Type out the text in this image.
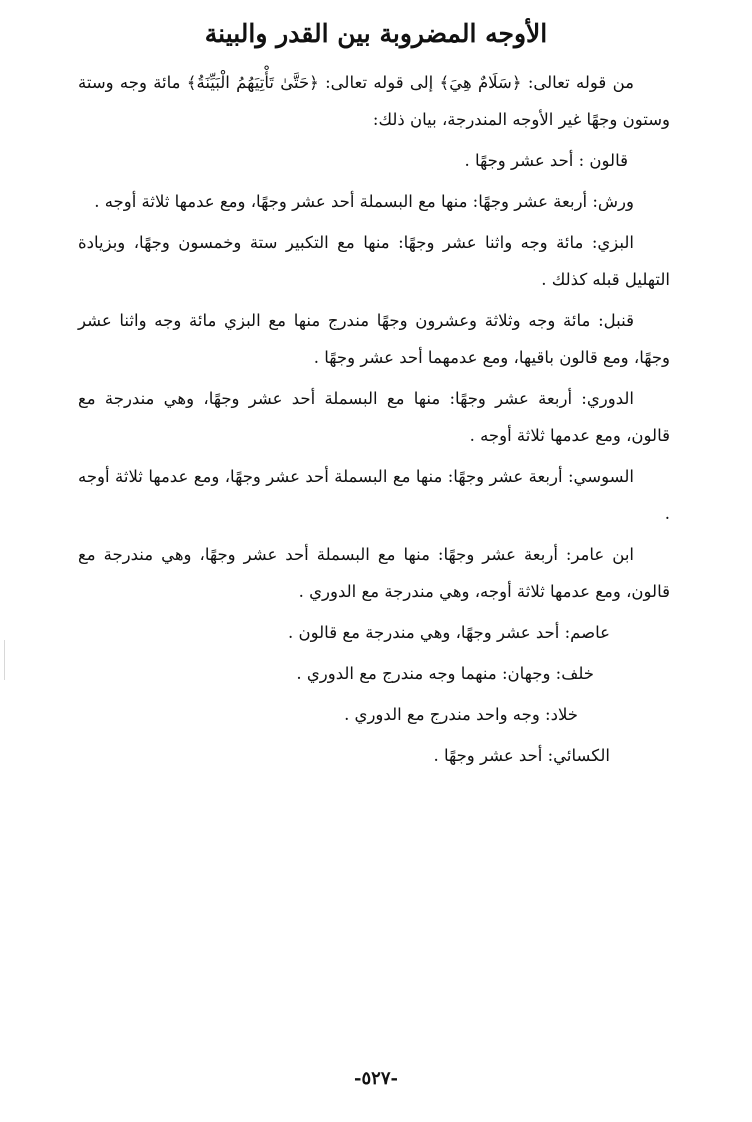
الأوجه المضروبة بين القدر والبينة

من قوله تعالى: ﴿سَلَامٌ هِيَ﴾ إلى قوله تعالى: ﴿حَتَّىٰ تَأْتِيَهُمُ الْبَيِّنَةُ﴾ مائة وجه وستة وستون وجهًا غير الأوجه المندرجة، بيان ذلك:

قالون : أحد عشر وجهًا .

ورش: أربعة عشر وجهًا: منها مع البسملة أحد عشر وجهًا، ومع عدمها ثلاثة أوجه .

البزي: مائة وجه واثنا عشر وجهًا: منها مع التكبير ستة وخمسون وجهًا، وبزيادة التهليل قبله كذلك .

قنبل: مائة وجه وثلاثة وعشرون وجهًا مندرج منها مع البزي مائة وجه واثنا عشر وجهًا، ومع قالون باقيها، ومع عدمهما أحد عشر وجهًا .

الدوري: أربعة عشر وجهًا: منها مع البسملة أحد عشر وجهًا، وهي مندرجة مع قالون، ومع عدمها ثلاثة أوجه .

السوسي: أربعة عشر وجهًا: منها مع البسملة أحد عشر وجهًا، ومع عدمها ثلاثة أوجه .

ابن عامر: أربعة عشر وجهًا: منها مع البسملة أحد عشر وجهًا، وهي مندرجة مع قالون، ومع عدمها ثلاثة أوجه، وهي مندرجة مع الدوري .

عاصم: أحد عشر وجهًا، وهي مندرجة مع قالون .

خلف: وجهان: منهما وجه مندرج مع الدوري .

خلاد: وجه واحد مندرج مع الدوري .

الكسائي: أحد عشر وجهًا .

-٥٢٧-
